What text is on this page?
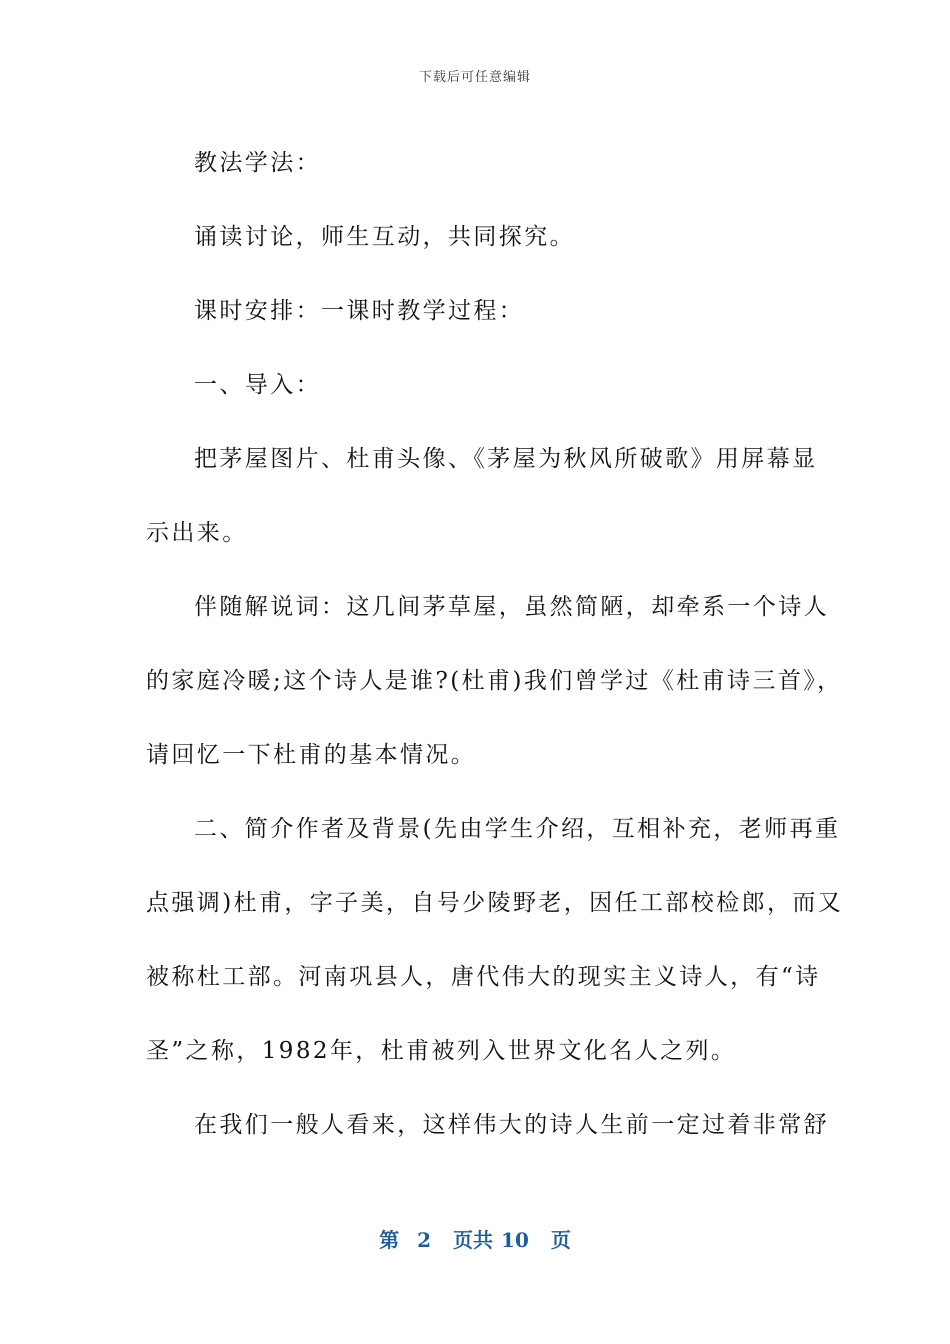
下载后可任意编辑

教法学法：

诵读讨论，师生互动，共同探究。

课时安排：一课时教学过程：

一、导入：

把茅屋图片、杜甫头像、《茅屋为秋风所破歌》用屏幕显

示出来。

伴随解说词：这几间茅草屋，虽然简陋，却牵系一个诗人

的家庭冷暖;这个诗人是谁?(杜甫)我们曾学过《杜甫诗三首》，

请回忆一下杜甫的基本情况。

二、简介作者及背景(先由学生介绍，互相补充，老师再重

点强调)杜甫，字子美，自号少陵野老，因任工部校检郎，而又

被称杜工部。河南巩县人，唐代伟大的现实主义诗人，有“诗

圣”之称，1982年，杜甫被列入世界文化名人之列。

在我们一般人看来，这样伟大的诗人生前一定过着非常舒

第 2 页共 10 页
